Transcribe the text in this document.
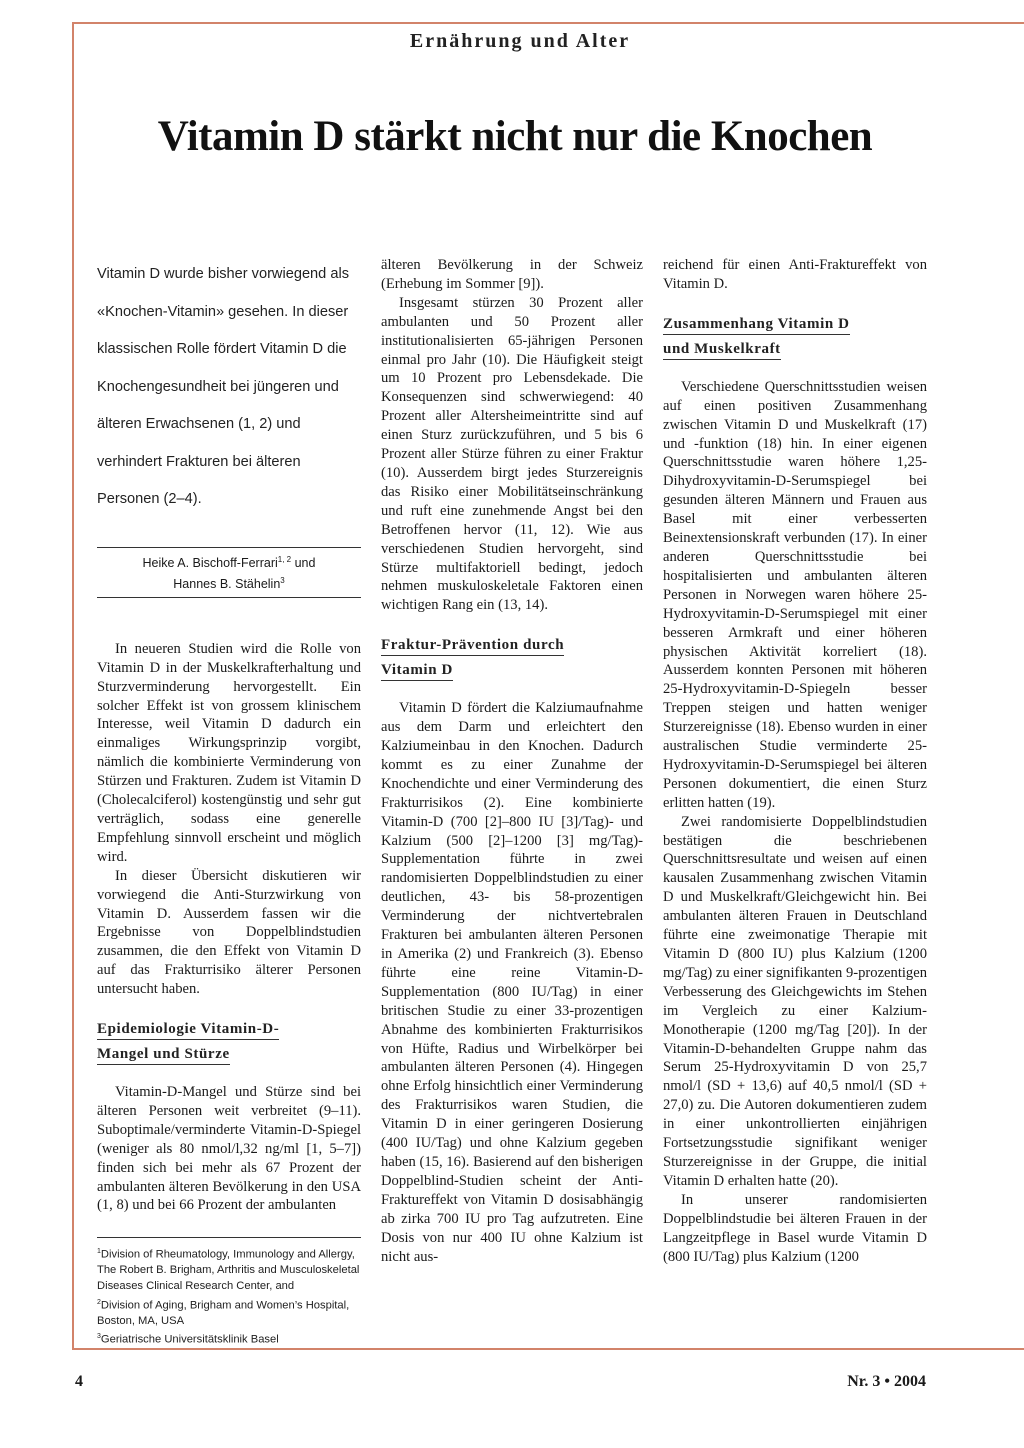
Ernährung und Alter
Vitamin D stärkt nicht nur die Knochen
Vitamin D wurde bisher vorwiegend als «Knochen-Vitamin» gesehen. In dieser klassischen Rolle fördert Vitamin D die Knochengesundheit bei jüngeren und älteren Erwachsenen (1, 2) und verhindert Frakturen bei älteren Personen (2–4).
Heike A. Bischoff-Ferrari$^{1, 2}$ und
Hannes B. Stähelin$^3$

In neueren Studien wird die Rolle von Vitamin D in der Muskelkrafterhaltung und Sturzverminderung hervorgestellt. Ein solcher Effekt ist von grossem klinischem Interesse, weil Vitamin D dadurch ein einmaliges Wirkungsprinzip vorgibt, nämlich die kombinierte Verminderung von Stürzen und Frakturen. Zudem ist Vitamin D (Cholecalciferol) kostengünstig und sehr gut verträglich, sodass eine generelle Empfehlung sinnvoll erscheint und möglich wird.

In dieser Übersicht diskutieren wir vorwiegend die Anti-Sturzwirkung von Vitamin D. Ausserdem fassen wir die Ergebnisse von Doppelblindstudien zusammen, die den Effekt von Vitamin D auf das Frakturrisiko älterer Personen untersucht haben.

Epidemiologie Vitamin-D-
Mangel und Stürze

Vitamin-D-Mangel und Stürze sind bei älteren Personen weit verbreitet (9–11). Suboptimale/verminderte Vitamin-D-Spiegel (weniger als 80 nmol/l,32 ng/ml [1, 5–7]) finden sich bei mehr als 67 Prozent der ambulanten älteren Bevölkerung in den USA (1, 8) und bei 66 Prozent der ambulanten

$^1$Division of Rheumatology, Immunology and Allergy, The Robert B. Brigham, Arthritis and Musculoskeletal Diseases Clinical Research Center, and
$^2$Division of Aging, Brigham and Women’s Hospital, Boston, MA, USA
$^3$Geriatrische Universitätsklinik Basel

älteren Bevölkerung in der Schweiz (Erhebung im Sommer [9]).

Insgesamt stürzen 30 Prozent aller ambulanten und 50 Prozent aller institutionalisierten 65-jährigen Personen einmal pro Jahr (10). Die Häufigkeit steigt um 10 Prozent pro Lebensdekade. Die Konsequenzen sind schwerwiegend: 40 Prozent aller Altersheimeintritte sind auf einen Sturz zurückzuführen, und 5 bis 6 Prozent aller Stürze führen zu einer Fraktur (10). Ausserdem birgt jedes Sturzereignis das Risiko einer Mobilitätseinschränkung und ruft eine zunehmende Angst bei den Betroffenen hervor (11, 12). Wie aus verschiedenen Studien hervorgeht, sind Stürze multifaktoriell bedingt, jedoch nehmen muskuloskeletale Faktoren einen wichtigen Rang ein (13, 14).

Fraktur-Prävention durch
Vitamin D

Vitamin D fördert die Kalziumaufnahme aus dem Darm und erleichtert den Kalziumeinbau in den Knochen. Dadurch kommt es zu einer Zunahme der Knochendichte und einer Verminderung des Frakturrisikos (2). Eine kombinierte Vitamin-D (700 [2]–800 IU [3]/Tag)- und Kalzium (500 [2]–1200 [3] mg/Tag)-Supplementation führte in zwei randomisierten Doppelblindstudien zu einer deutlichen, 43- bis 58-prozentigen Verminderung der nichtvertebralen Frakturen bei ambulanten älteren Personen in Amerika (2) und Frankreich (3). Ebenso führte eine reine Vitamin-D-Supplementation (800 IU/Tag) in einer britischen Studie zu einer 33-prozentigen Abnahme des kombinierten Frakturrisikos von Hüfte, Radius und Wirbelkörper bei ambulanten älteren Personen (4). Hingegen ohne Erfolg hinsichtlich einer Verminderung des Frakturrisikos waren Studien, die Vitamin D in einer geringeren Dosierung (400 IU/Tag) und ohne Kalzium gegeben haben (15, 16). Basierend auf den bisherigen Doppelblind-Studien scheint der Anti-Fraktureffekt von Vitamin D dosisabhängig ab zirka 700 IU pro Tag aufzutreten. Eine Dosis von nur 400 IU ohne Kalzium ist nicht aus-

reichend für einen Anti-Fraktureffekt von Vitamin D.

Zusammenhang Vitamin D
und Muskelkraft

Verschiedene Querschnittsstudien weisen auf einen positiven Zusammenhang zwischen Vitamin D und Muskelkraft (17) und -funktion (18) hin. In einer eigenen Querschnittsstudie waren höhere 1,25-Dihydroxyvitamin-D-Serumspiegel bei gesunden älteren Männern und Frauen aus Basel mit einer verbesserten Beinextensionskraft verbunden (17). In einer anderen Querschnittsstudie bei hospitalisierten und ambulanten älteren Personen in Norwegen waren höhere 25-Hydroxyvitamin-D-Serumspiegel mit einer besseren Armkraft und einer höheren physischen Aktivität korreliert (18). Ausserdem konnten Personen mit höheren 25-Hydroxyvitamin-D-Spiegeln besser Treppen steigen und hatten weniger Sturzereignisse (18). Ebenso wurden in einer australischen Studie verminderte 25-Hydroxyvitamin-D-Serumspiegel bei älteren Personen dokumentiert, die einen Sturz erlitten hatten (19).

Zwei randomisierte Doppelblindstudien bestätigen die beschriebenen Querschnittsresultate und weisen auf einen kausalen Zusammenhang zwischen Vitamin D und Muskelkraft/Gleichgewicht hin. Bei ambulanten älteren Frauen in Deutschland führte eine zweimonatige Therapie mit Vitamin D (800 IU) plus Kalzium (1200 mg/Tag) zu einer signifikanten 9-prozentigen Verbesserung des Gleichgewichts im Stehen im Vergleich zu einer Kalzium-Monotherapie (1200 mg/Tag [20]). In der Vitamin-D-behandelten Gruppe nahm das Serum 25-Hydroxyvitamin D von 25,7 nmol/l (SD + 13,6) auf 40,5 nmol/l (SD + 27,0) zu. Die Autoren dokumentieren zudem in einer unkontrollierten einjährigen Fortsetzungsstudie signifikant weniger Sturzereignisse in der Gruppe, die initial Vitamin D erhalten hatte (20).

In unserer randomisierten Doppelblindstudie bei älteren Frauen in der Langzeitpflege in Basel wurde Vitamin D (800 IU/Tag) plus Kalzium (1200

4	Nr. 3 • 2004
